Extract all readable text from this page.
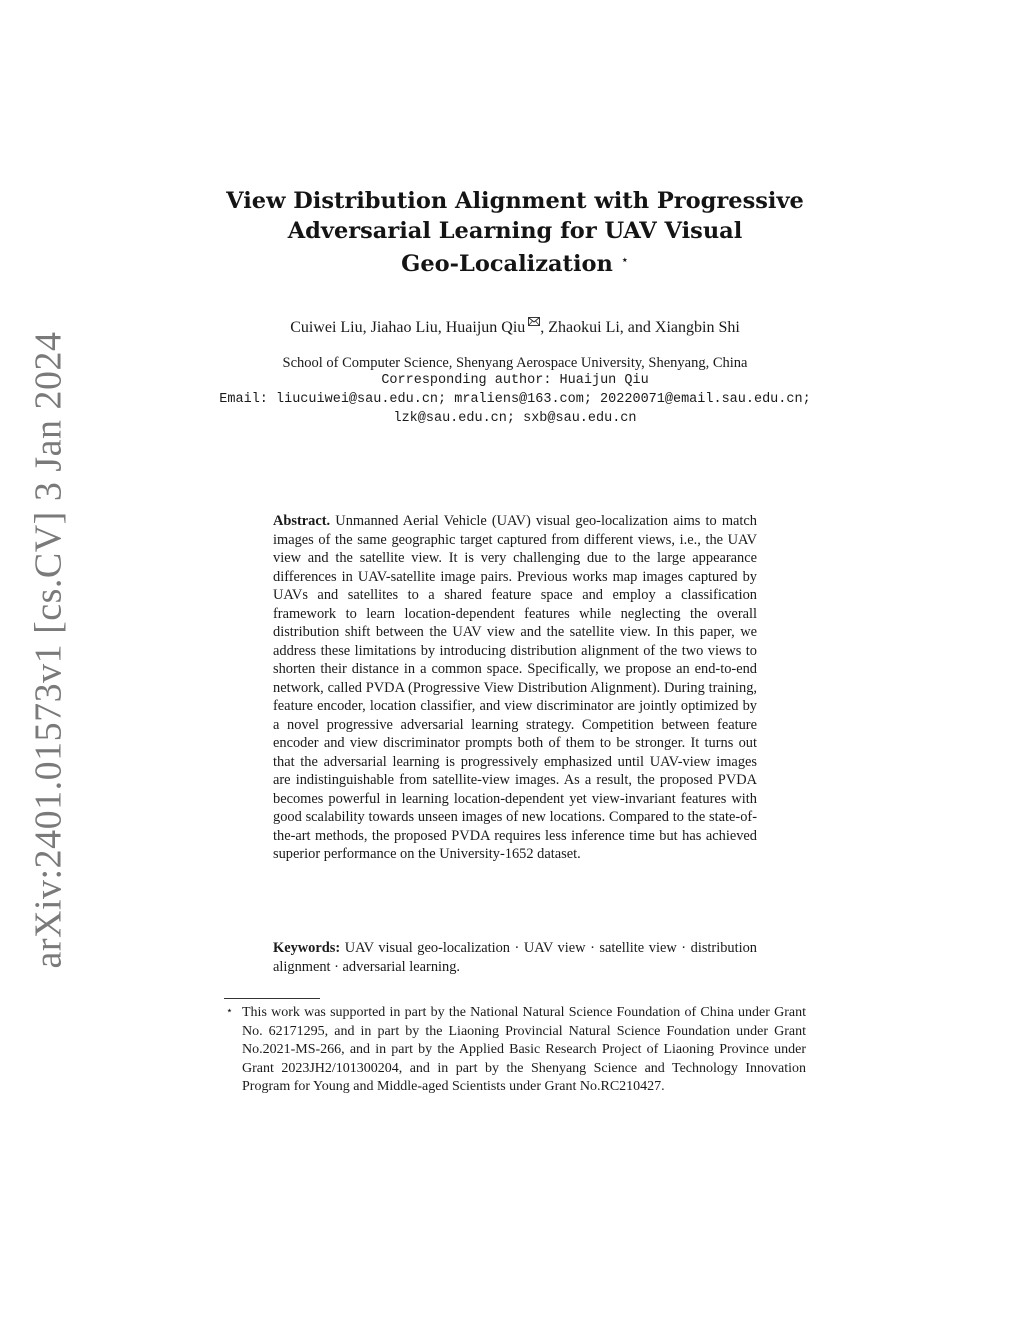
arXiv:2401.01573v1 [cs.CV] 3 Jan 2024
View Distribution Alignment with Progressive
Adversarial Learning for UAV Visual
Geo-Localization ⋆
Cuiwei Liu, Jiahao Liu, Huaijun Qiu , Zhaokui Li, and Xiangbin Shi
School of Computer Science, Shenyang Aerospace University, Shenyang, China
Corresponding author: Huaijun Qiu
Email: liucuiwei@sau.edu.cn; mraliens@163.com; 20220071@email.sau.edu.cn;
lzk@sau.edu.cn; sxb@sau.edu.cn
Abstract. Unmanned Aerial Vehicle (UAV) visual geo-localization aims to match images of the same geographic target captured from different views, i.e., the UAV view and the satellite view. It is very challenging due to the large appearance differences in UAV-satellite image pairs. Previous works map images captured by UAVs and satellites to a shared feature space and employ a classification framework to learn location-dependent features while neglecting the overall distribution shift between the UAV view and the satellite view. In this paper, we address these limitations by introducing distribution alignment of the two views to shorten their distance in a common space. Specifically, we propose an end-to-end network, called PVDA (Progressive View Distribution Alignment). During training, feature encoder, location classifier, and view discriminator are jointly optimized by a novel progressive adversarial learning strategy. Competition between feature encoder and view discriminator prompts both of them to be stronger. It turns out that the adversarial learning is progressively emphasized until UAV-view images are indistinguishable from satellite-view images. As a result, the proposed PVDA becomes powerful in learning location-dependent yet view-invariant features with good scalability towards unseen images of new locations. Compared to the state-of-the-art methods, the proposed PVDA requires less inference time but has achieved superior performance on the University-1652 dataset.
Keywords: UAV visual geo-localization · UAV view · satellite view · distribution alignment · adversarial learning.
⋆ This work was supported in part by the National Natural Science Foundation of China under Grant No. 62171295, and in part by the Liaoning Provincial Natural Science Foundation under Grant No.2021-MS-266, and in part by the Applied Basic Research Project of Liaoning Province under Grant 2023JH2/101300204, and in part by the Shenyang Science and Technology Innovation Program for Young and Middle-aged Scientists under Grant No.RC210427.
